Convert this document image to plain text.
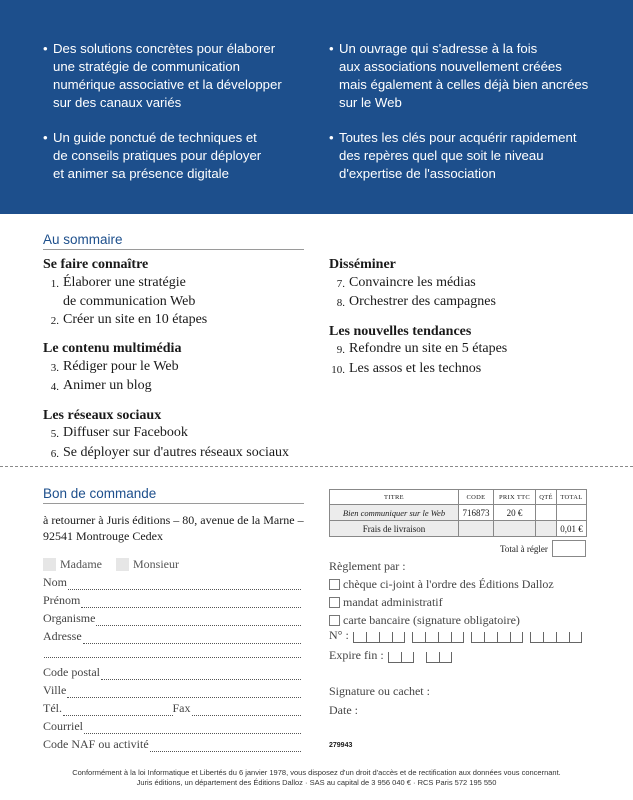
• Des solutions concrètes pour élaborer
une stratégie de communication
numérique associative et la développer
sur des canaux variés
• Un guide ponctué de techniques et
de conseils pratiques pour déployer
et animer sa présence digitale
• Un ouvrage qui s'adresse à la fois
aux associations nouvellement créées
mais également à celles déjà bien ancrées
sur le Web
• Toutes les clés pour acquérir rapidement
des repères quel que soit le niveau
d'expertise de l'association
Au sommaire
Se faire connaître
1. Élaborer une stratégie
de communication Web
2. Créer un site en 10 étapes
Le contenu multimédia
3. Rédiger pour le Web
4. Animer un blog
Les réseaux sociaux
5. Diffuser sur Facebook
6. Se déployer sur d'autres réseaux sociaux
Disséminer
7. Convaincre les médias
8. Orchestrer des campagnes
Les nouvelles tendances
9. Refondre un site en 5 étapes
10. Les assos et les technos
Bon de commande
à retourner à Juris éditions – 80, avenue de la Marne –
92541 Montrouge Cedex
Madame	Monsieur
Nom
Prénom
Organisme
Adresse
Code postal
Ville
Tél.	Fax
Courriel
Code NAF ou activité
TITRE	CODE	PRIX TTC	QTÉ	TOTAL
Bien communiquer sur le Web	716873	20 €		
Frais de livraison				0,01 €
Total à régler
Règlement par :
chèque ci-joint à l'ordre des Éditions Dalloz
mandat administratif
carte bancaire (signature obligatoire)
N° :
Expire fin :
Signature ou cachet :
Date :
279943
Conformément à la loi Informatique et Libertés du 6 janvier 1978, vous disposez d'un droit d'accès et de rectification aux données vous concernant.
Juris éditions, un département des Éditions Dalloz · SAS au capital de 3 956 040 € · RCS Paris 572 195 550
